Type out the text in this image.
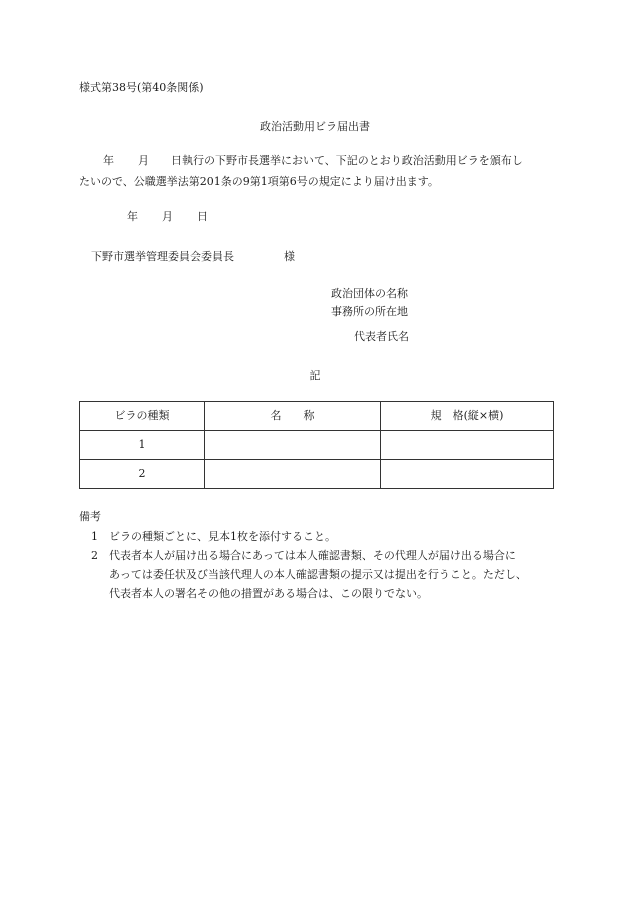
様式第38号(第40条関係)
政治活動用ビラ届出書
年 月 日執行の下野市長選挙において、下記のとおり政治活動用ビラを頒布し
たいので、公職選挙法第201条の9第1項第6号の規定により届け出ます。
年 月 日
下野市選挙管理委員会委員長	様
政治団体の名称
事務所の所在地
代表者氏名
記
ビラの種類	名　　称	規　格(縦×横)
1		
2		
備考
1 ビラの種類ごとに、見本1枚を添付すること。
2 代表者本人が届け出る場合にあっては本人確認書類、その代理人が届け出る場合に
あっては委任状及び当該代理人の本人確認書類の提示又は提出を行うこと。ただし、
代表者本人の署名その他の措置がある場合は、この限りでない。
